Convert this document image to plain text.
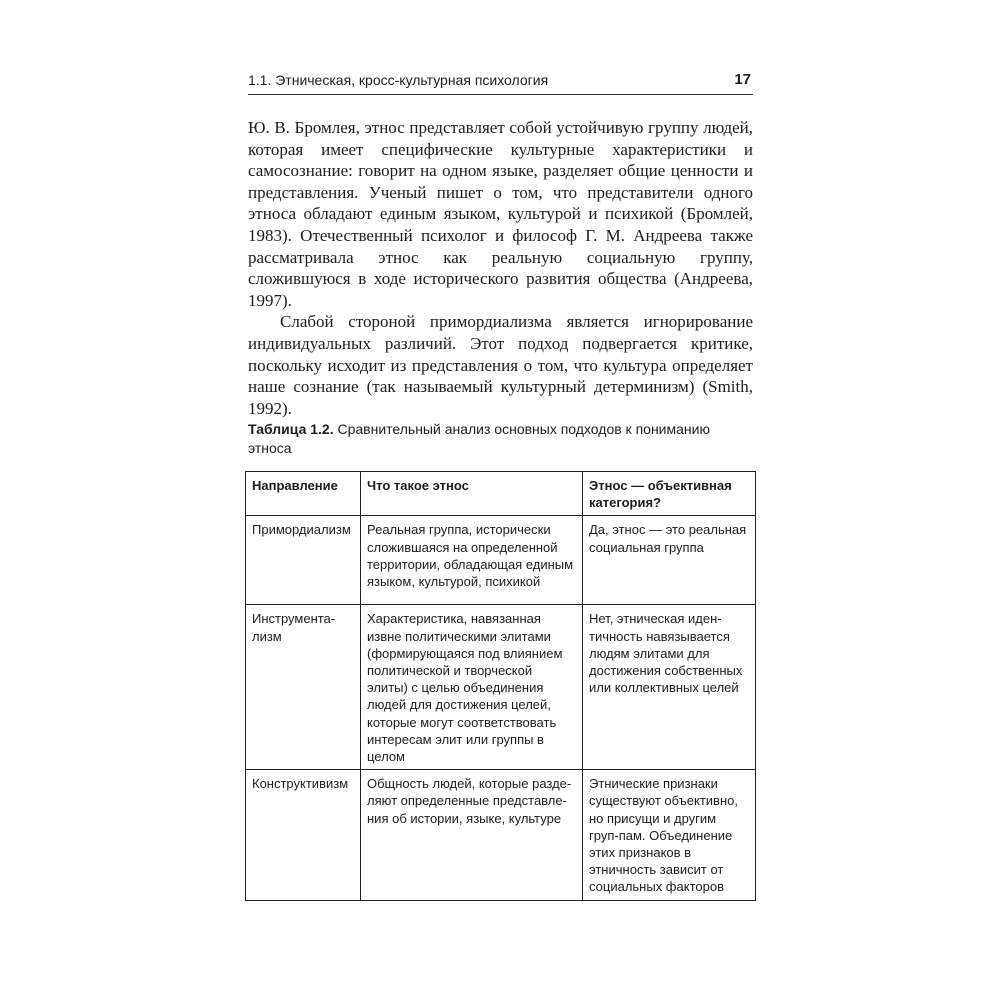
1.1. Этническая, кросс-культурная психология	17

Ю. В. Бромлея, этнос представляет собой устойчивую группу людей, которая имеет специфические культурные характеристики и самосознание: говорит на одном языке, разделяет общие ценности и представления. Ученый пишет о том, что представители одного этноса обладают единым языком, культурой и психикой (Бромлей, 1983). Отечественный психолог и философ Г. М. Андреева также рассматривала этнос как реальную социальную группу, сложившуюся в ходе исторического развития общества (Андреева, 1997).

Слабой стороной примордиализма является игнорирование индивидуальных различий. Этот подход подвергается критике, поскольку исходит из представления о том, что культура определяет наше сознание (так называемый культурный детерминизм) (Smith, 1992).

Таблица 1.2. Сравнительный анализ основных подходов к пониманию этноса
Направление	Что такое этнос	Этнос — объективная категория?
Примордиализм	Реальная группа, исторически сложившаяся на определенной территории, обладающая единым языком, культурой, психикой	Да, этнос — это реальная социальная группа
Инструмента-лизм	Характеристика, навязанная извне политическими элитами (формирующаяся под влиянием политической и творческой элиты) с целью объединения людей для достижения целей, которые могут соответствовать интересам элит или группы в целом	Нет, этническая иден-тичность навязывается людям элитами для достижения собственных или коллективных целей
Конструктивизм	Общность людей, которые разде-ляют определенные представле-ния об истории, языке, культуре	Этнические признаки существуют объективно, но присущи и другим груп-пам. Объединение этих признаков в этничность зависит от социальных факторов
